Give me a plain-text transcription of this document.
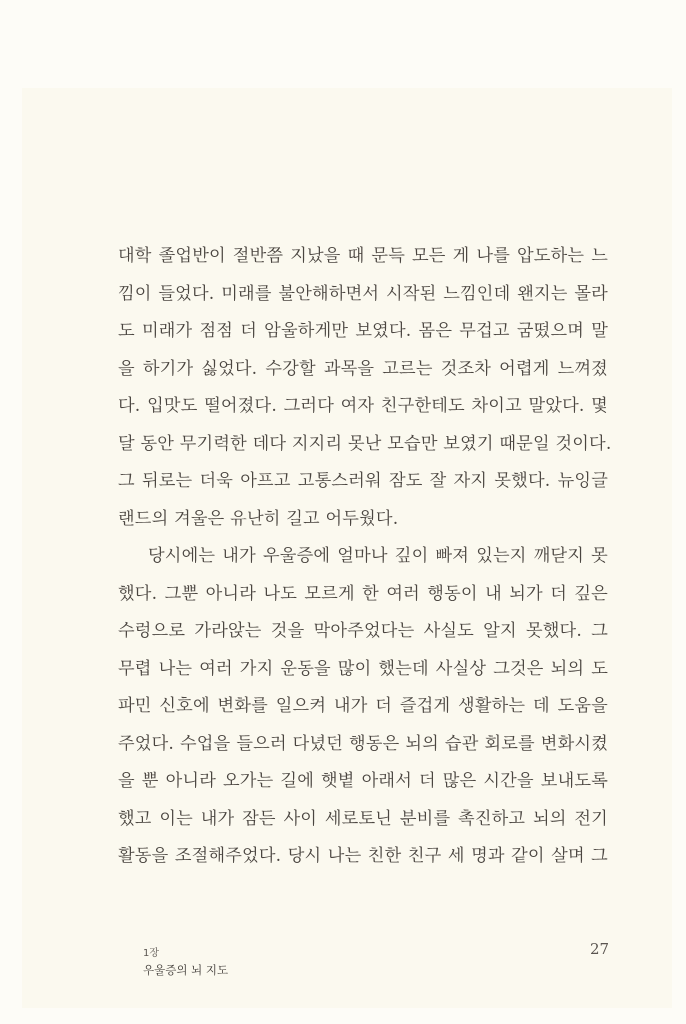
대학 졸업반이 절반쯤 지났을 때 문득 모든 게 나를 압도하는 느
낌이 들었다. 미래를 불안해하면서 시작된 느낌인데 왠지는 몰라
도 미래가 점점 더 암울하게만 보였다. 몸은 무겁고 굼떴으며 말
을 하기가 싫었다. 수강할 과목을 고르는 것조차 어렵게 느껴졌
다. 입맛도 떨어졌다. 그러다 여자 친구한테도 차이고 말았다. 몇
달 동안 무기력한 데다 지지리 못난 모습만 보였기 때문일 것이다.
그 뒤로는 더욱 아프고 고통스러워 잠도 잘 자지 못했다. 뉴잉글
랜드의 겨울은 유난히 길고 어두웠다.
당시에는 내가 우울증에 얼마나 깊이 빠져 있는지 깨닫지 못
했다. 그뿐 아니라 나도 모르게 한 여러 행동이 내 뇌가 더 깊은
수렁으로 가라앉는 것을 막아주었다는 사실도 알지 못했다. 그
무렵 나는 여러 가지 운동을 많이 했는데 사실상 그것은 뇌의 도
파민 신호에 변화를 일으켜 내가 더 즐겁게 생활하는 데 도움을
주었다. 수업을 들으러 다녔던 행동은 뇌의 습관 회로를 변화시켰
을 뿐 아니라 오가는 길에 햇볕 아래서 더 많은 시간을 보내도록
했고 이는 내가 잠든 사이 세로토닌 분비를 촉진하고 뇌의 전기
활동을 조절해주었다. 당시 나는 친한 친구 세 명과 같이 살며 그
1장
우울증의 뇌 지도
27
